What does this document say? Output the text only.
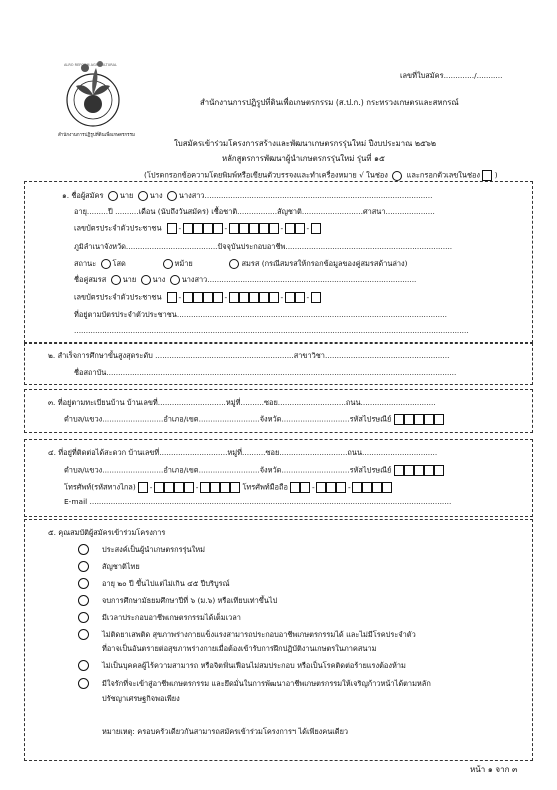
สำนักงานการปฏิรูปที่ดินเพื่อเกษตรกรรม
ALRO REFORM AGRICULTURAL
เลขที่ใบสมัคร............./...........
สำนักงานการปฏิรูปที่ดินเพื่อเกษตรกรรม (ส.ป.ก.) กระทรวงเกษตรและสหกรณ์
ใบสมัครเข้าร่วมโครงการสร้างและพัฒนาเกษตรกรรุ่นใหม่ ปีงบประมาณ ๒๕๖๒
หลักสูตรการพัฒนาผู้นำเกษตรกรรุ่นใหม่ รุ่นที่ ๑๕
(โปรดกรอกข้อความโดยพิมพ์หรือเขียนตัวบรรจงและทำเครื่องหมาย √ ในช่อง	และกรอกตัวเลขในช่อง )
๑. ชื่อผู้สมัคร นาย นาง นางสาว.................................................................................................
อายุ.........ปี ..........เดือน (นับถึงวันสมัคร) เชื้อชาติ.................สัญชาติ..........................ศาสนา.....................
เลขบัตรประจำตัวประชาชน -	-	-	-
ภูมิลำเนาจังหวัด.......................................ปัจจุบันประกอบอาชีพ.......................................................................
สถานะ โสด	หม้าย	สมรส (กรณีสมรสให้กรอกข้อมูลของคู่สมรสด้านล่าง)
ชื่อคู่สมรส นาย นาง นางสาว.........................................................................................
เลขบัตรประจำตัวประชาชน -	-	-	-
ที่อยู่ตามบัตรประจำตัวประชาชน...................................................................................................................
........................................................................................................................................................................
๒. สำเร็จการศึกษาขั้นสูงสุดระดับ ...........................................................สาขาวิชา.....................................................
ชื่อสถาบัน.....................................................................................................................................................
๓. ที่อยู่ตามทะเบียนบ้าน บ้านเลขที่.............................หมู่ที่..........ซอย.............................ถนน................................
ตำบล/แขวง..........................อำเภอ/เขต..........................จังหวัด.............................รหัสไปรษณีย์
๔. ที่อยู่ที่ติดต่อได้สะดวก บ้านเลขที่.............................หมู่ที่..........ซอย.............................ถนน................................
ตำบล/แขวง..........................อำเภอ/เขต..........................จังหวัด.............................รหัสไปรษณีย์
โทรศัพท์(รหัสทางไกล) -	-	โทรศัพท์มือถือ	-	-
E-mail ..........................................................................................................................................................
๕. คุณสมบัติผู้สมัครเข้าร่วมโครงการ
ประสงค์เป็นผู้นำเกษตรกรรุ่นใหม่
สัญชาติไทย
อายุ ๒๐ ปี ขึ้นไปแต่ไม่เกิน ๔๕ ปีบริบูรณ์
จบการศึกษามัธยมศึกษาปีที่ ๖ (ม.๖) หรือเทียบเท่าขึ้นไป
มีเวลาประกอบอาชีพเกษตรกรรมได้เต็มเวลา
ไม่ติดยาเสพติด สุขภาพร่างกายแข็งแรงสามารถประกอบอาชีพเกษตรกรรมได้ และไม่มีโรคประจำตัว
ที่อาจเป็นอันตรายต่อสุขภาพร่างกายเมื่อต้องเข้ารับการฝึกปฏิบัติงานเกษตรในภาคสนาม
ไม่เป็นบุคคลผู้ไร้ความสามารถ หรือจิตฟั่นเฟือนไม่สมประกอบ หรือเป็นโรคติดต่อร้ายแรงต้องห้าม
มีใจรักที่จะเข้าสู่อาชีพเกษตรกรรม และยึดมั่นในการพัฒนาอาชีพเกษตรกรรมให้เจริญก้าวหน้าได้ตามหลัก
ปรัชญาเศรษฐกิจพอเพียง
หมายเหตุ: ครอบครัวเดียวกันสามารถสมัครเข้าร่วมโครงการฯ ได้เพียงคนเดียว
หน้า ๑ จาก ๓
